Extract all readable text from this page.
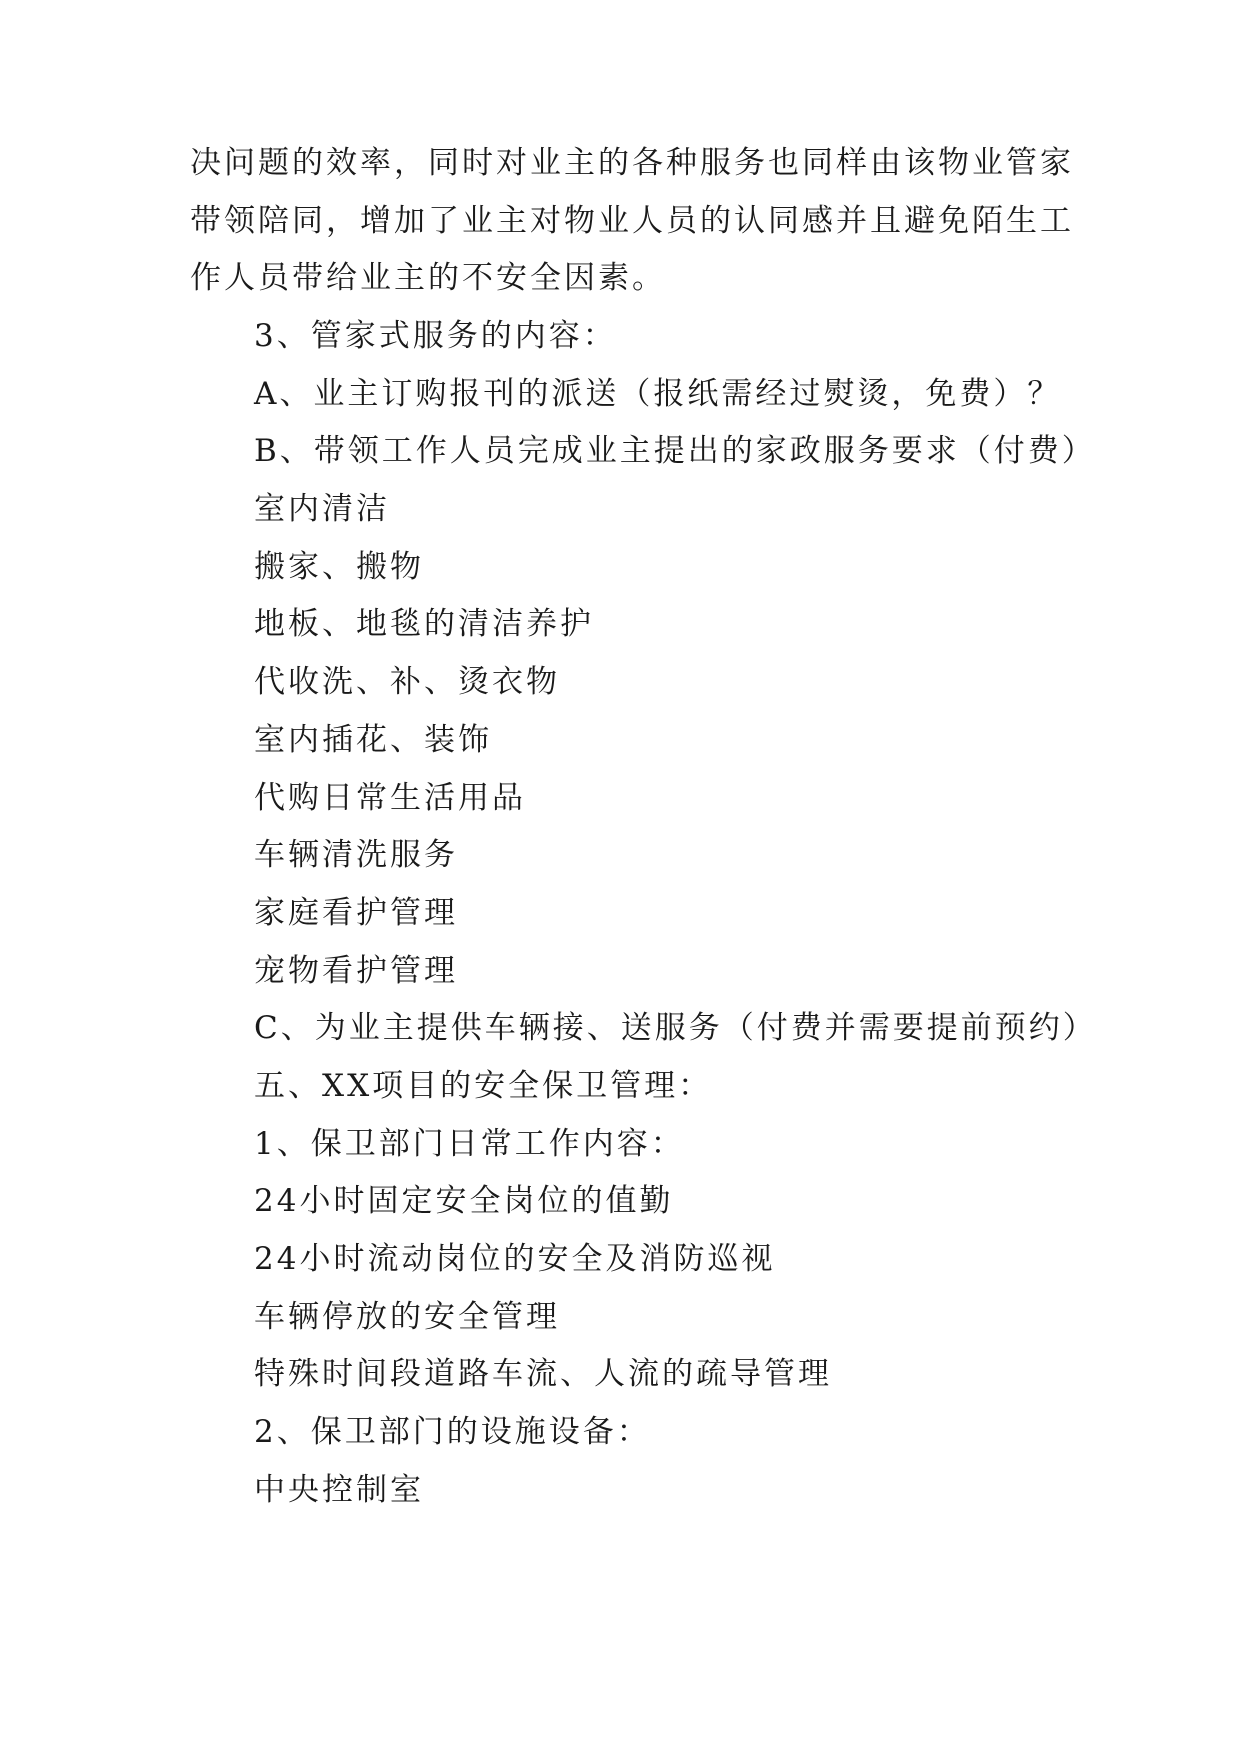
决问题的效率，同时对业主的各种服务也同样由该物业管家
带领陪同，增加了业主对物业人员的认同感并且避免陌生工
作人员带给业主的不安全因素。
3、管家式服务的内容：
A、业主订购报刊的派送（报纸需经过熨烫，免费）？
B、带领工作人员完成业主提出的家政服务要求（付费）
室内清洁
搬家、搬物
地板、地毯的清洁养护
代收洗、补、烫衣物
室内插花、装饰
代购日常生活用品
车辆清洗服务
家庭看护管理
宠物看护管理
C、为业主提供车辆接、送服务（付费并需要提前预约）
五、XX项目的安全保卫管理：
1、保卫部门日常工作内容：
24小时固定安全岗位的值勤
24小时流动岗位的安全及消防巡视
车辆停放的安全管理
特殊时间段道路车流、人流的疏导管理
2、保卫部门的设施设备：
中央控制室
